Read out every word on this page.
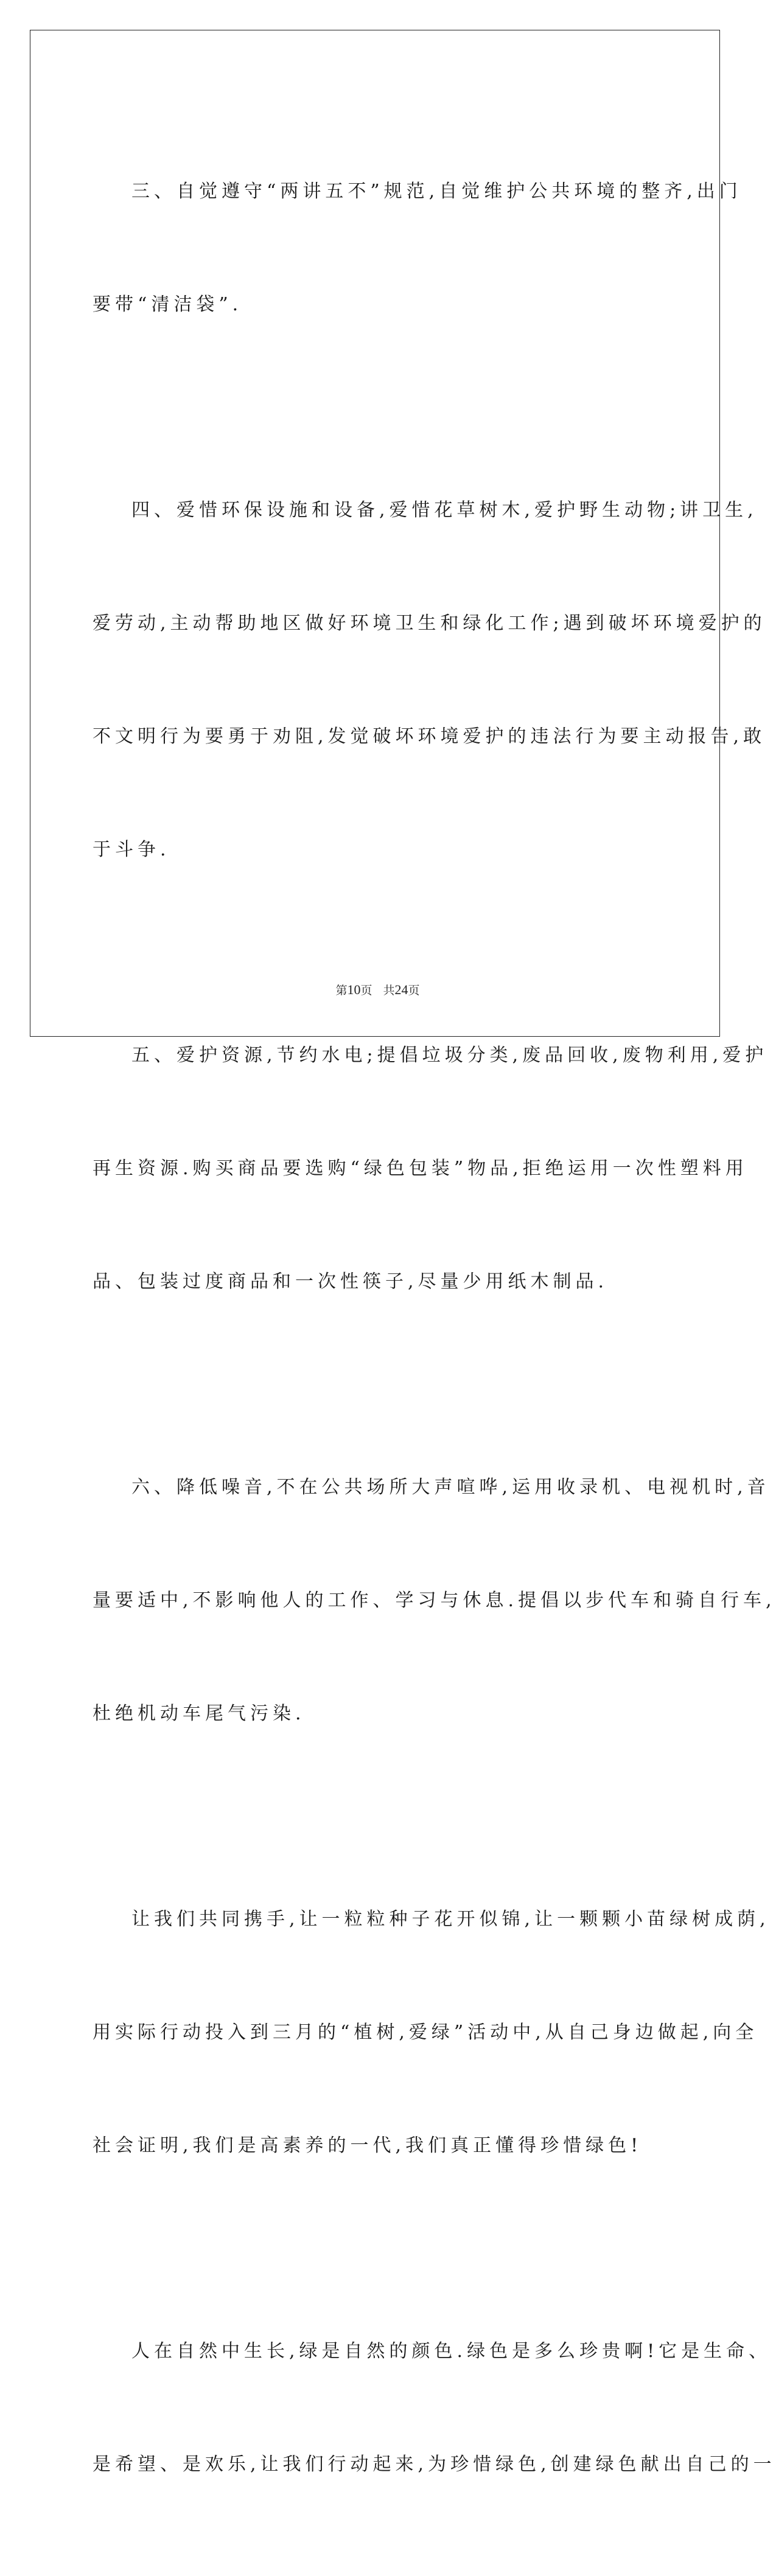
三、自觉遵守“两讲五不”规范,自觉维护公共环境的整齐,出门

要带“清洁袋”.

四、爱惜环保设施和设备,爱惜花草树木,爱护野生动物;讲卫生,

爱劳动,主动帮助地区做好环境卫生和绿化工作;遇到破坏环境爱护的

不文明行为要勇于劝阻,发觉破坏环境爱护的违法行为要主动报告,敢

于斗争.

五、爱护资源,节约水电;提倡垃圾分类,废品回收,废物利用,爱护

再生资源.购买商品要选购“绿色包装”物品,拒绝运用一次性塑料用

品、包装过度商品和一次性筷子,尽量少用纸木制品.

六、降低噪音,不在公共场所大声喧哗,运用收录机、电视机时,音

量要适中,不影响他人的工作、学习与休息.提倡以步代车和骑自行车,

杜绝机动车尾气污染.

让我们共同携手,让一粒粒种子花开似锦,让一颗颗小苗绿树成荫,

用实际行动投入到三月的“植树,爱绿”活动中,从自己身边做起,向全

社会证明,我们是高素养的一代,我们真正懂得珍惜绿色!

人在自然中生长,绿是自然的颜色.绿色是多么珍贵啊!它是生命、

是希望、是欢乐,让我们行动起来,为珍惜绿色,创建绿色献出自己的一

第10页 共24页
